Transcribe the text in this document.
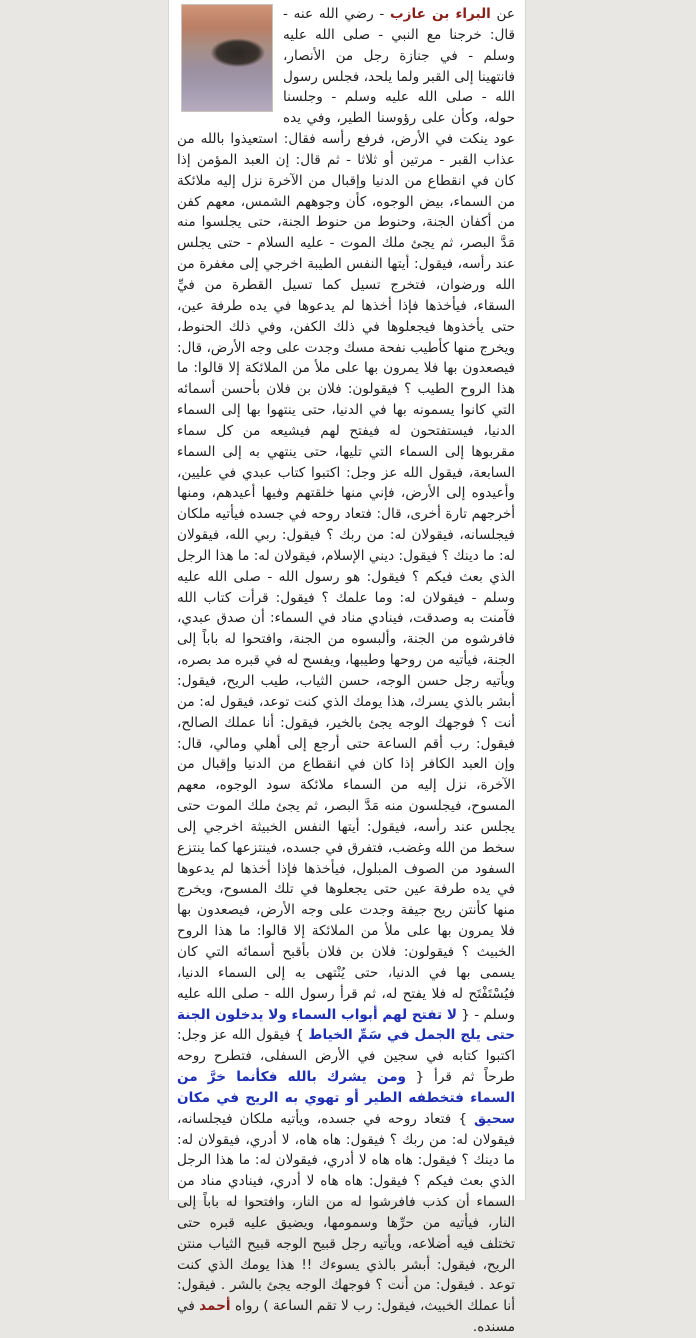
عن البراء بن عازب - رضي الله عنه - قال: خرجنا مع النبي - صلى الله عليه وسلم - في جنازة رجل من الأنصار، فانتهينا إلى القبر ولما يلحد، فجلس رسول الله - صلى الله عليه وسلم - وجلسنا حوله، وكأن على رؤوسنا الطير، وفي يده عود ينكت في الأرض، فرفع رأسه فقال: استعيذوا بالله من عذاب القبر - مرتين أو ثلاثا - ثم قال: إن العبد المؤمن إذا كان في انقطاع من الدنيا وإقبال من الآخرة نزل إليه ملائكة من السماء، بيض الوجوه، كأن وجوههم الشمس، معهم كفن من أكفان الجنة، وحنوط من حنوط الجنة، حتى يجلسوا منه مَدَّ البصر، ثم يجئ ملك الموت - عليه السلام - حتى يجلس عند رأسه، فيقول: أيتها النفس الطيبة اخرجي إلى مغفرة من الله ورضوان، فتخرج تسيل كما تسيل القطرة من فيِّ السقاء، فيأخذها فإذا أخذها لم يدعوها في يده طرفة عين، حتى يأخذوها فيجعلوها في ذلك الكفن، وفي ذلك الحنوط، ويخرج منها كأطيب نفحة مسك وجدت على وجه الأرض، قال: فيصعدون بها فلا يمرون بها على ملأ من الملائكة إلا قالوا: ما هذا الروح الطيب ؟ فيقولون: فلان بن فلان بأحسن أسمائه التي كانوا يسمونه بها في الدنيا، حتى ينتهوا بها إلى السماء الدنيا، فيستفتحون له فيفتح لهم فيشيعه من كل سماء مقربوها إلى السماء التي تليها، حتى ينتهي به إلى السماء السابعة، فيقول الله عز وجل: اكتبوا كتاب عبدي في عليين، وأعيدوه إلى الأرض، فإني منها خلقتهم وفيها أعيدهم، ومنها أخرجهم تارة أخرى، قال: فتعاد روحه في جسده فيأتيه ملكان فيجلسانه، فيقولان له: من ربك ؟ فيقول: ربي الله، فيقولان له: ما دينك ؟ فيقول: ديني الإسلام، فيقولان له: ما هذا الرجل الذي بعث فيكم ؟ فيقول: هو رسول الله - صلى الله عليه وسلم - فيقولان له: وما علمك ؟ فيقول: قرأت كتاب الله فآمنت به وصدقت، فينادي مناد في السماء: أن صدق عبدي، فافرشوه من الجنة، وألبسوه من الجنة، وافتحوا له باباً إلى الجنة، فيأتيه من روحها وطيبها، ويفسح له في قبره مد بصره، ويأتيه رجل حسن الوجه، حسن الثياب، طيب الريح، فيقول: أبشر بالذي يسرك، هذا يومك الذي كنت توعد، فيقول له: من أنت ؟ فوجهك الوجه يجئ بالخير، فيقول: أنا عملك الصالح، فيقول: رب أقم الساعة حتى أرجع إلى أهلي ومالي، قال: وإن العبد الكافر إذا كان في انقطاع من الدنيا وإقبال من الآخرة، نزل إليه من السماء ملائكة سود الوجوه، معهم المسوح، فيجلسون منه مَدَّ البصر، ثم يجئ ملك الموت حتى يجلس عند رأسه، فيقول: أيتها النفس الخبيثة اخرجي إلى سخط من الله وغضب، فتفرق في جسده، فينتزعها كما ينتزع السفود من الصوف المبلول، فيأخذها فإذا أخذها لم يدعوها في يده طرفة عين حتى يجعلوها في تلك المسوح، ويخرج منها كأنتن ريح جيفة وجدت على وجه الأرض، فيصعدون بها فلا يمرون بها على ملأ من الملائكة إلا قالوا: ما هذا الروح الخبيث ؟ فيقولون: فلان بن فلان بأقبح أسمائه التي كان يسمى بها في الدنيا، حتى يُنْتهى به إلى السماء الدنيا، فيُسْتَفْتَح له فلا يفتح له، ثم قرأ رسول الله - صلى الله عليه وسلم - { لا تفتح لهم أبواب السماء ولا يدخلون الجنة حتى يلج الجمل في سَمِّ الخياط } فيقول الله عز وجل: اكتبوا كتابه في سجين في الأرض السفلى، فتطرح روحه طرحاً ثم قرأ { ومن يشرك بالله فكأنما خرَّ من السماء فتخطفه الطير أو تهوي به الريح في مكان سحيق } فتعاد روحه في جسده، ويأتيه ملكان فيجلسانه، فيقولان له: من ربك ؟ فيقول: هاه هاه، لا أدري، فيقولان له: ما دينك ؟ فيقول: هاه هاه لا أدري، فيقولان له: ما هذا الرجل الذي بعث فيكم ؟ فيقول: هاه هاه لا أدري، فينادي مناد من السماء أن كذب فافرشوا له من النار، وافتحوا له باباً إلى النار، فيأتيه من حرِّها وسمومها، ويضيق عليه قبره حتى تختلف فيه أضلاعه، ويأتيه رجل قبيح الوجه قبيح الثياب منتن الريح، فيقول: أبشر بالذي يسوءك !! هذا يومك الذي كنت توعد . فيقول: من أنت ؟ فوجهك الوجه يجئ بالشر . فيقول: أنا عملك الخبيث، فيقول: رب لا تقم الساعة ) رواه أحمد في مسنده.
